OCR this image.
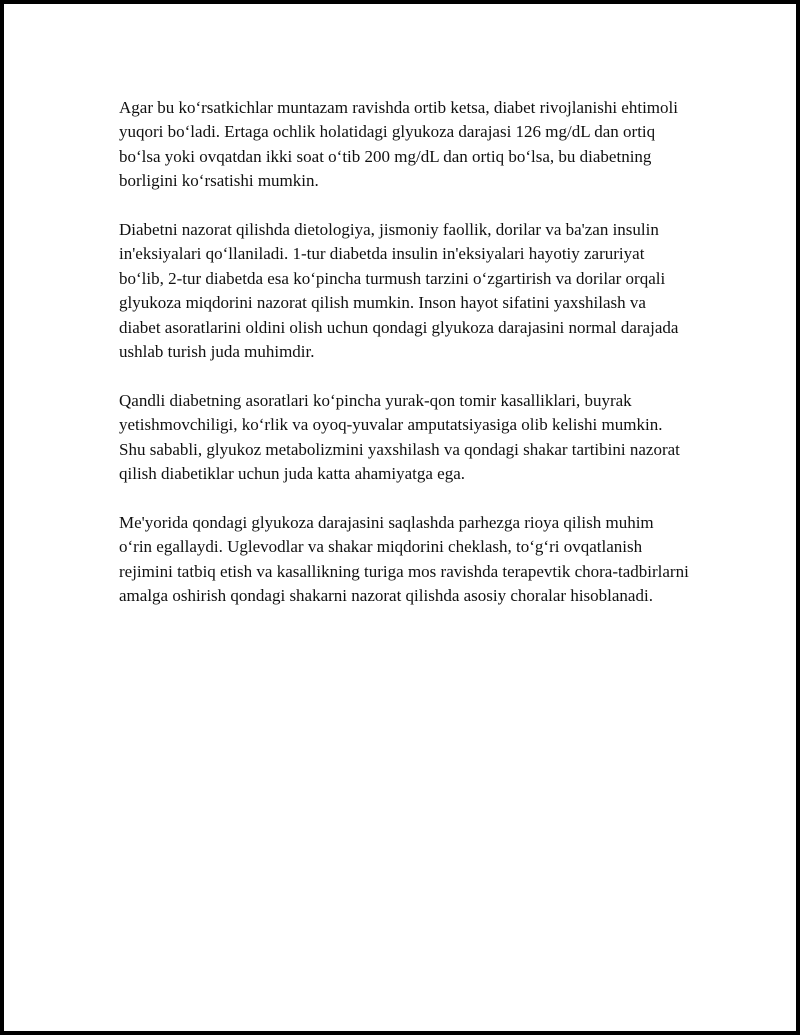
Agar bu ko‘rsatkichlar muntazam ravishda ortib ketsa, diabet rivojlanishi ehtimoli yuqori bo‘ladi. Ertaga ochlik holatidagi glyukoza darajasi 126 mg/dL dan ortiq bo‘lsa yoki ovqatdan ikki soat o‘tib 200 mg/dL dan ortiq bo‘lsa, bu diabetning borligini ko‘rsatishi mumkin.

Diabetni nazorat qilishda dietologiya, jismoniy faollik, dorilar va ba'zan insulin in'eksiyalari qo‘llaniladi. 1-tur diabetda insulin in'eksiyalari hayotiy zaruriyat bo‘lib, 2-tur diabetda esa ko‘pincha turmush tarzini o‘zgartirish va dorilar orqali glyukoza miqdorini nazorat qilish mumkin. Inson hayot sifatini yaxshilash va diabet asoratlarini oldini olish uchun qondagi glyukoza darajasini normal darajada ushlab turish juda muhimdir.

Qandli diabetning asoratlari ko‘pincha yurak-qon tomir kasalliklari, buyrak yetishmovchiligi, ko‘rlik va oyoq-yuvalar amputatsiyasiga olib kelishi mumkin. Shu sababli, glyukoz metabolizmini yaxshilash va qondagi shakar tartibini nazorat qilish diabetiklar uchun juda katta ahamiyatga ega.

Me'yorida qondagi glyukoza darajasini saqlashda parhezga rioya qilish muhim o‘rin egallaydi. Uglevodlar va shakar miqdorini cheklash, to‘g‘ri ovqatlanish rejimini tatbiq etish va kasallikning turiga mos ravishda terapevtik chora-tadbirlarni amalga oshirish qondagi shakarni nazorat qilishda asosiy choralar hisoblanadi.
